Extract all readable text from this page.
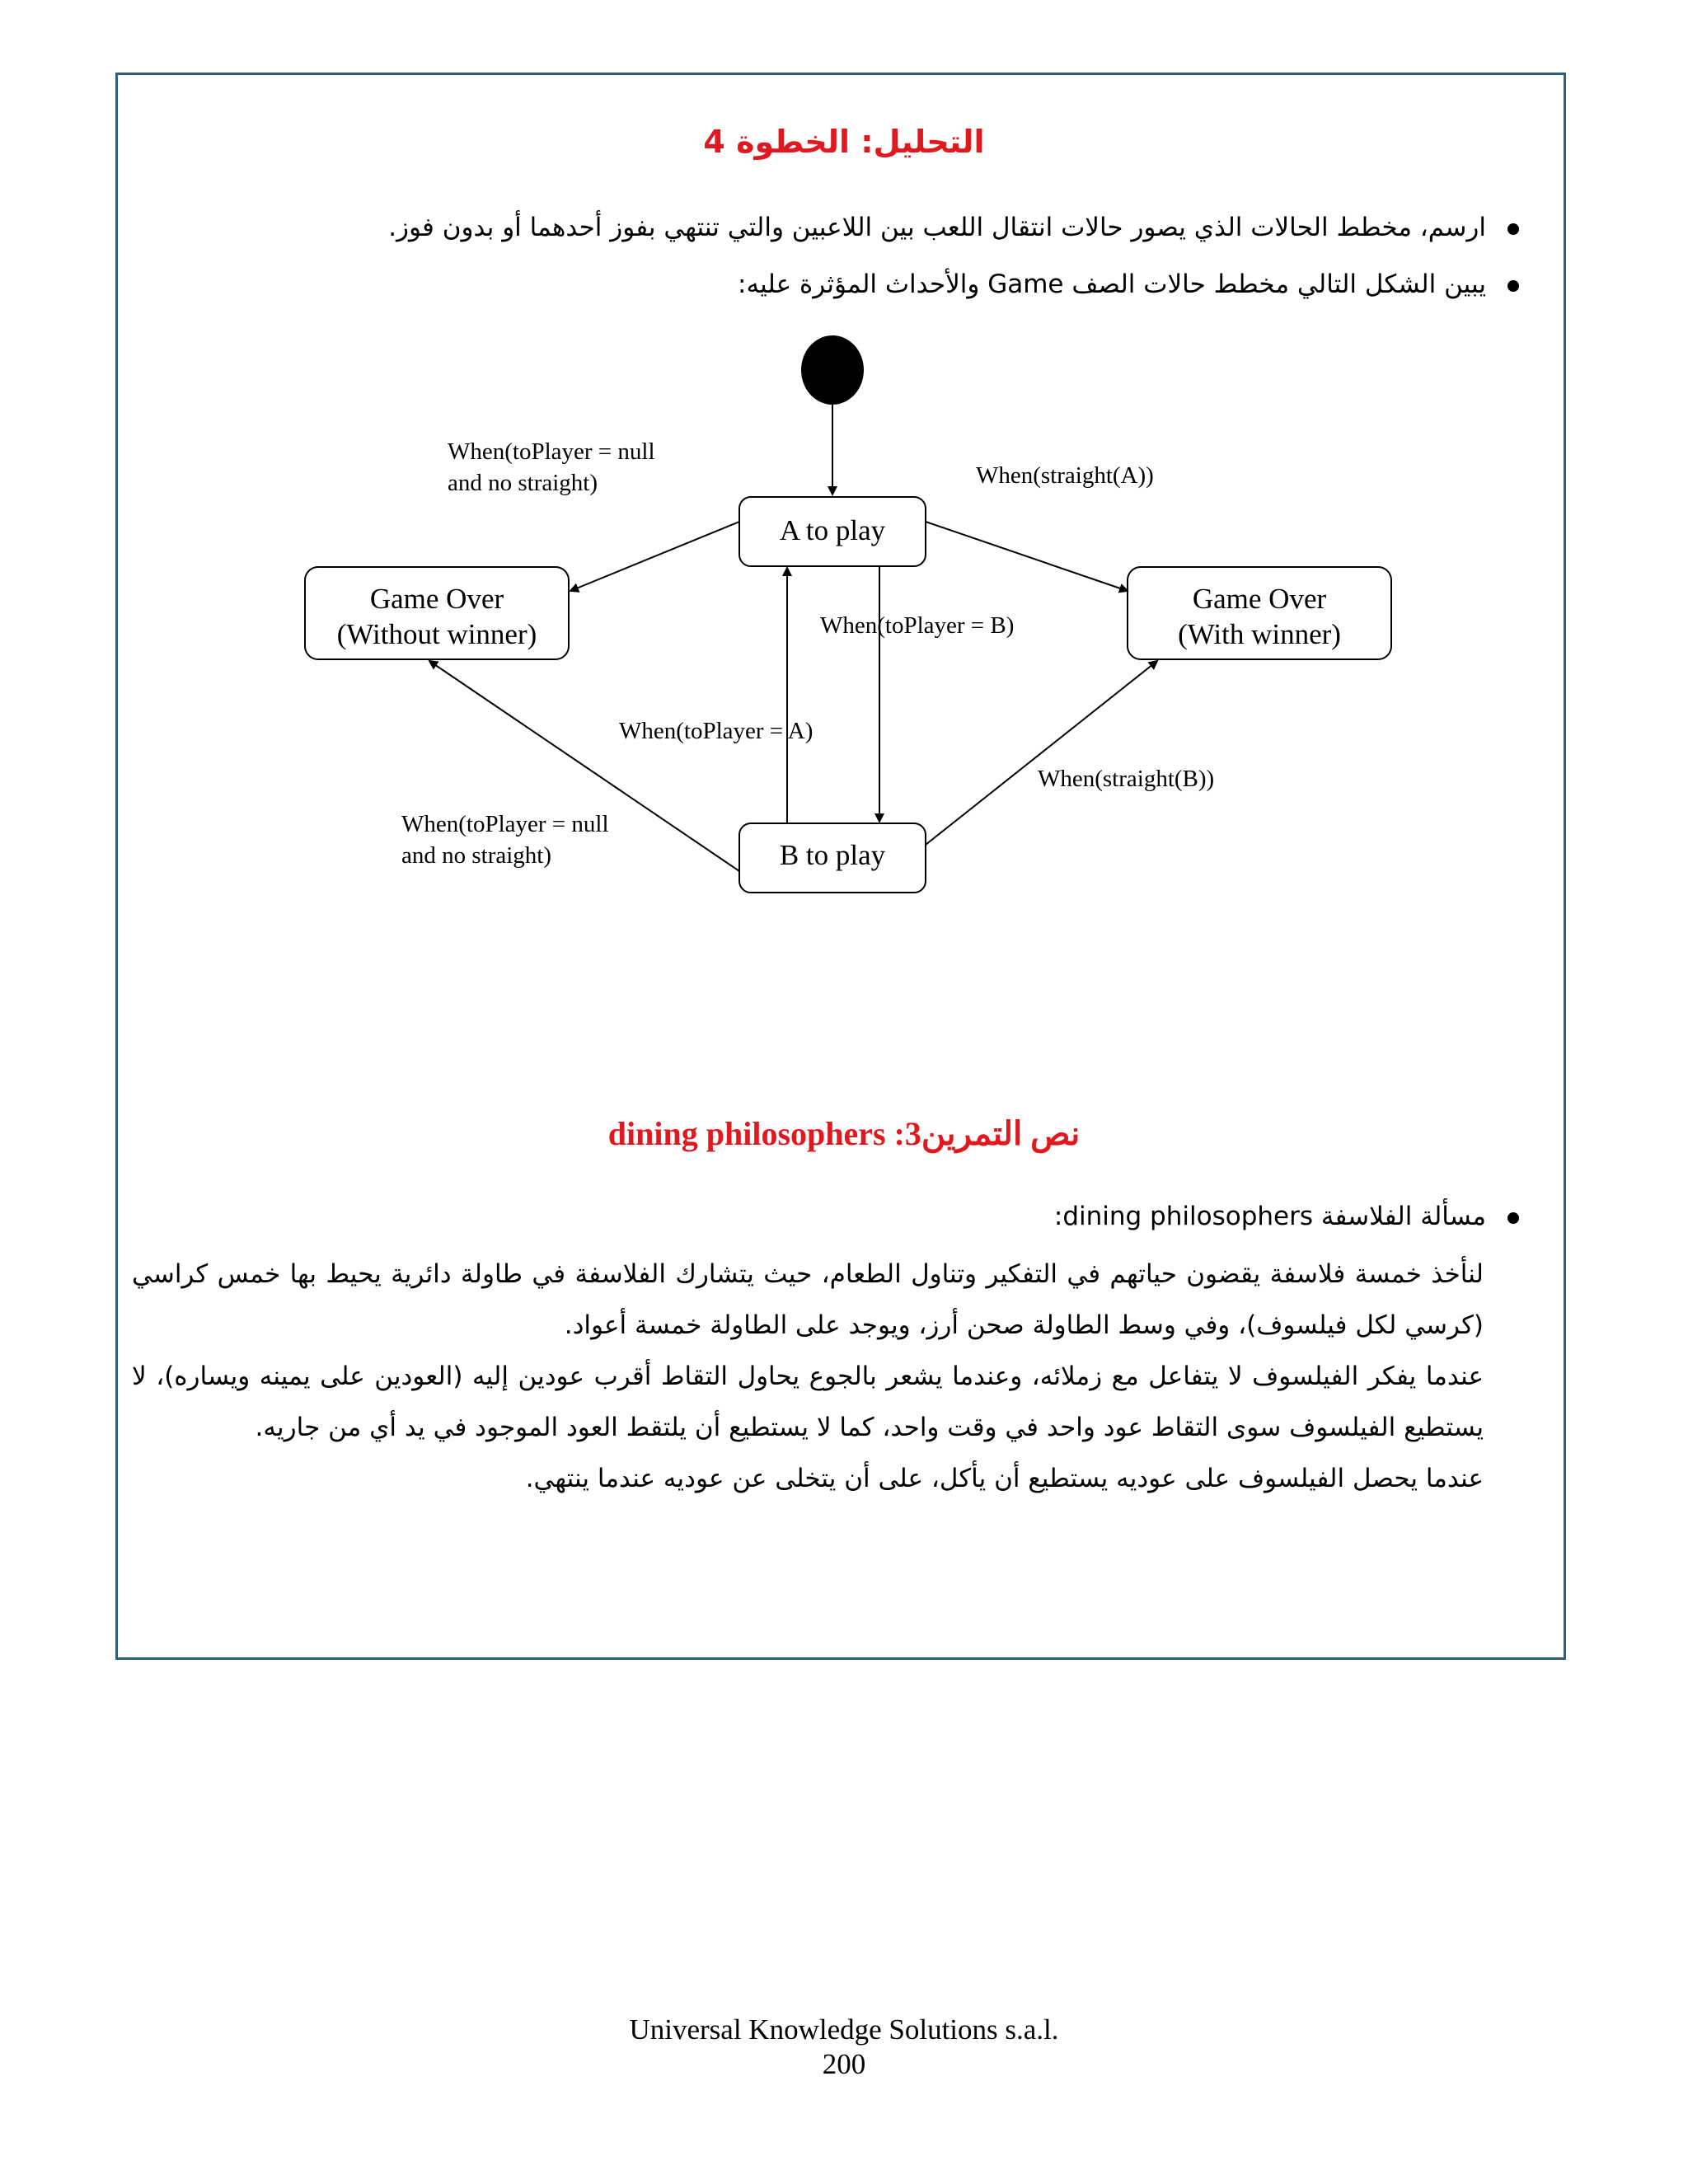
التحليل: الخطوة 4
ارسم، مخطط الحالات الذي يصور حالات انتقال اللعب بين اللاعبين والتي تنتهي بفوز أحدهما أو بدون فوز.
يبين الشكل التالي مخطط حالات الصف Game والأحداث المؤثرة عليه:
A to play
B to play
Game Over
(Without winner)
Game Over
(With winner)
When(toPlayer = null
and no straight)	When(straight(A))
When(toPlayer = B)
When(toPlayer = A)
When(straight(B))
When(toPlayer = null
and no straight)
نص التمرين3: dining philosophers
مسألة الفلاسفة dining philosophers:
لنأخذ خمسة فلاسفة يقضون حياتهم في التفكير وتناول الطعام، حيث يتشارك الفلاسفة في طاولة دائرية يحيط بها خمس كراسي (كرسي لكل فيلسوف)، وفي وسط الطاولة صحن أرز، ويوجد على الطاولة خمسة أعواد.
عندما يفكر الفيلسوف لا يتفاعل مع زملائه، وعندما يشعر بالجوع يحاول التقاط أقرب عودين إليه (العودين على يمينه ويساره)، لا يستطيع الفيلسوف سوى التقاط عود واحد في وقت واحد، كما لا يستطيع أن يلتقط العود الموجود في يد أي من جاريه.
عندما يحصل الفيلسوف على عوديه يستطيع أن يأكل، على أن يتخلى عن عوديه عندما ينتهي.
Universal Knowledge Solutions s.a.l.
200
